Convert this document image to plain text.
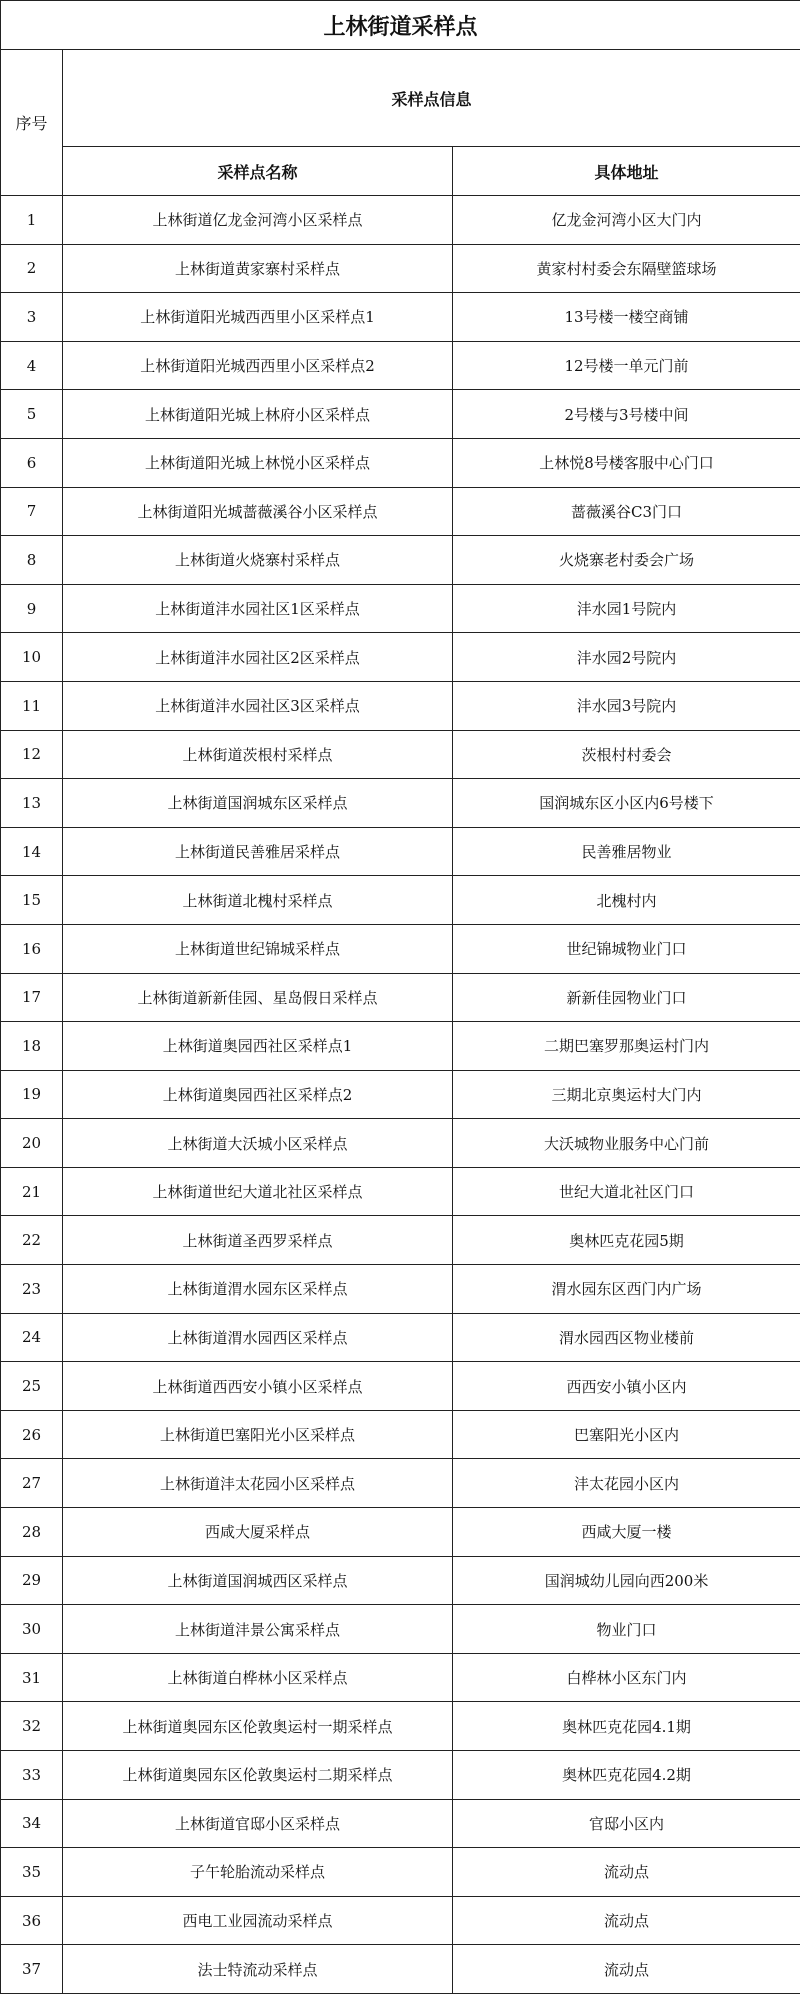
上林街道采样点		
序号	采样点信息	
	采样点名称	具体地址
1	上林街道亿龙金河湾小区采样点	亿龙金河湾小区大门内
2	上林街道黄家寨村采样点	黄家村村委会东隔壁篮球场
3	上林街道阳光城西西里小区采样点1	13号楼一楼空商铺
4	上林街道阳光城西西里小区采样点2	12号楼一单元门前
5	上林街道阳光城上林府小区采样点	2号楼与3号楼中间
6	上林街道阳光城上林悦小区采样点	上林悦8号楼客服中心门口
7	上林街道阳光城蔷薇溪谷小区采样点	蔷薇溪谷C3门口
8	上林街道火烧寨村采样点	火烧寨老村委会广场
9	上林街道沣水园社区1区采样点	沣水园1号院内
10	上林街道沣水园社区2区采样点	沣水园2号院内
11	上林街道沣水园社区3区采样点	沣水园3号院内
12	上林街道茨根村采样点	茨根村村委会
13	上林街道国润城东区采样点	国润城东区小区内6号楼下
14	上林街道民善雅居采样点	民善雅居物业
15	上林街道北槐村采样点	北槐村内
16	上林街道世纪锦城采样点	世纪锦城物业门口
17	上林街道新新佳园、星岛假日采样点	新新佳园物业门口
18	上林街道奥园西社区采样点1	二期巴塞罗那奥运村门内
19	上林街道奥园西社区采样点2	三期北京奥运村大门内
20	上林街道大沃城小区采样点	大沃城物业服务中心门前
21	上林街道世纪大道北社区采样点	世纪大道北社区门口
22	上林街道圣西罗采样点	奥林匹克花园5期
23	上林街道渭水园东区采样点	渭水园东区西门内广场
24	上林街道渭水园西区采样点	渭水园西区物业楼前
25	上林街道西西安小镇小区采样点	西西安小镇小区内
26	上林街道巴塞阳光小区采样点	巴塞阳光小区内
27	上林街道沣太花园小区采样点	沣太花园小区内
28	西咸大厦采样点	西咸大厦一楼
29	上林街道国润城西区采样点	国润城幼儿园向西200米
30	上林街道沣景公寓采样点	物业门口
31	上林街道白桦林小区采样点	白桦林小区东门内
32	上林街道奥园东区伦敦奥运村一期采样点	奥林匹克花园4.1期
33	上林街道奥园东区伦敦奥运村二期采样点	奥林匹克花园4.2期
34	上林街道官邸小区采样点	官邸小区内
35	子午轮胎流动采样点	流动点
36	西电工业园流动采样点	流动点
37	法士特流动采样点	流动点
